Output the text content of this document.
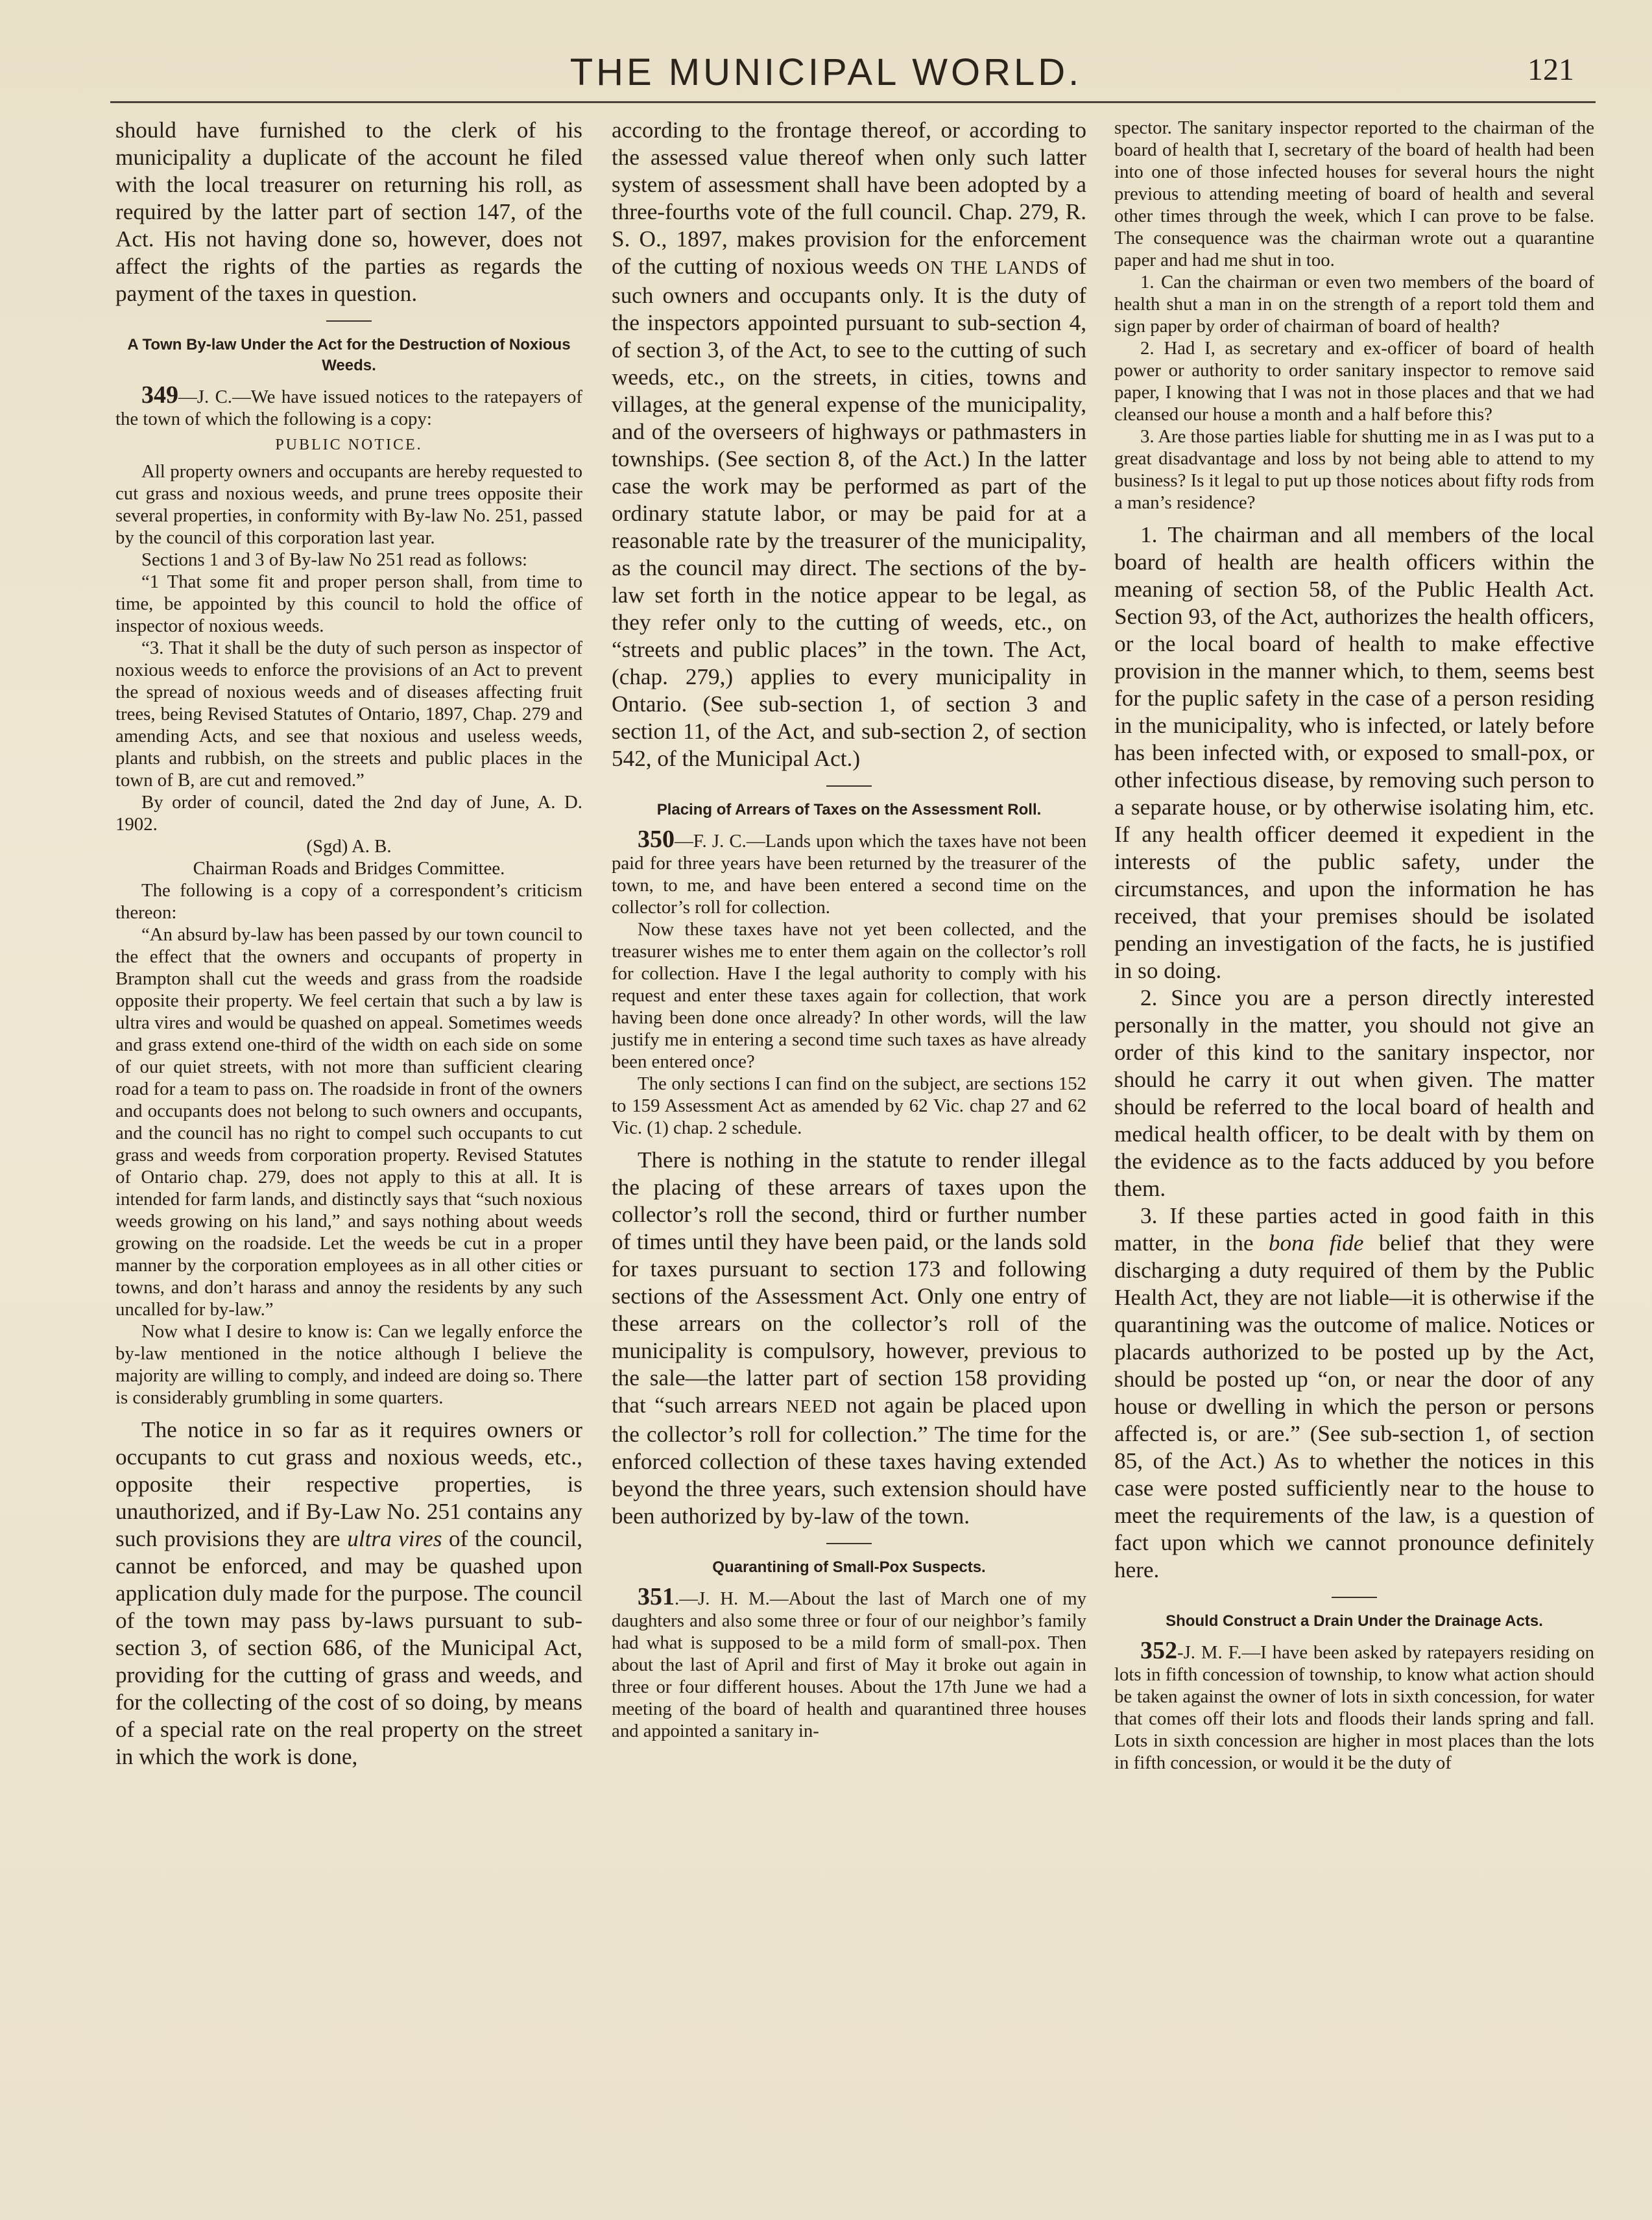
THE MUNICIPAL WORLD.	121

should have furnished to the clerk of his municipality a duplicate of the account he filed with the local treasurer on returning his roll, as required by the latter part of section 147, of the Act. His not having done so, however, does not affect the rights of the parties as regards the payment of the taxes in question.

A Town By-law Under the Act for the Destruction of Noxious Weeds.

349—J. C.—We have issued notices to the ratepayers of the town of which the following is a copy:

PUBLIC NOTICE.

All property owners and occupants are hereby requested to cut grass and noxious weeds, and prune trees opposite their several properties, in conformity with By-law No. 251, passed by the council of this corporation last year.

Sections 1 and 3 of By-law No 251 read as follows:

“1 That some fit and proper person shall, from time to time, be appointed by this council to hold the office of inspector of noxious weeds.

“3. That it shall be the duty of such person as inspector of noxious weeds to enforce the provisions of an Act to prevent the spread of noxious weeds and of diseases affecting fruit trees, being Revised Statutes of Ontario, 1897, Chap. 279 and amending Acts, and see that noxious and useless weeds, plants and rubbish, on the streets and public places in the town of B, are cut and removed.”

By order of council, dated the 2nd day of June, A. D. 1902.

(Sgd) A. B.

Chairman Roads and Bridges Committee.

The following is a copy of a correspondent’s criticism thereon:

“An absurd by-law has been passed by our town council to the effect that the owners and occupants of property in Brampton shall cut the weeds and grass from the roadside opposite their property. We feel certain that such a by law is ultra vires and would be quashed on appeal. Sometimes weeds and grass extend one-third of the width on each side on some of our quiet streets, with not more than sufficient clearing road for a team to pass on. The roadside in front of the owners and occupants does not belong to such owners and occupants, and the council has no right to compel such occupants to cut grass and weeds from corporation property. Revised Statutes of Ontario chap. 279, does not apply to this at all. It is intended for farm lands, and distinctly says that “such noxious weeds growing on his land,” and says nothing about weeds growing on the roadside. Let the weeds be cut in a proper manner by the corporation employees as in all other cities or towns, and don’t harass and annoy the residents by any such uncalled for by-law.”

Now what I desire to know is: Can we legally enforce the by-law mentioned in the notice although I believe the majority are willing to comply, and indeed are doing so. There is considerably grumbling in some quarters.

The notice in so far as it requires owners or occupants to cut grass and noxious weeds, etc., opposite their respective properties, is unauthorized, and if By-Law No. 251 contains any such provisions they are ultra vires of the council, cannot be enforced, and may be quashed upon application duly made for the purpose. The council of the town may pass by-laws pursuant to sub-section 3, of section 686, of the Municipal Act, providing for the cutting of grass and weeds, and for the collecting of the cost of so doing, by means of a special rate on the real property on the street in which the work is done,

according to the frontage thereof, or according to the assessed value thereof when only such latter system of assessment shall have been adopted by a three-fourths vote of the full council. Chap. 279, R. S. O., 1897, makes provision for the enforcement of the cutting of noxious weeds ON THE LANDS of such owners and occupants only. It is the duty of the inspectors appointed pursuant to sub-section 4, of section 3, of the Act, to see to the cutting of such weeds, etc., on the streets, in cities, towns and villages, at the general expense of the municipality, and of the overseers of highways or pathmasters in townships. (See section 8, of the Act.) In the latter case the work may be performed as part of the ordinary statute labor, or may be paid for at a reasonable rate by the treasurer of the municipality, as the council may direct. The sections of the by-law set forth in the notice appear to be legal, as they refer only to the cutting of weeds, etc., on “streets and public places” in the town. The Act, (chap. 279,) applies to every municipality in Ontario. (See sub-section 1, of section 3 and section 11, of the Act, and sub-section 2, of section 542, of the Municipal Act.)

Placing of Arrears of Taxes on the Assessment Roll.

350—F. J. C.—Lands upon which the taxes have not been paid for three years have been returned by the treasurer of the town, to me, and have been entered a second time on the collector’s roll for collection.

Now these taxes have not yet been collected, and the treasurer wishes me to enter them again on the collector’s roll for collection. Have I the legal authority to comply with his request and enter these taxes again for collection, that work having been done once already? In other words, will the law justify me in entering a second time such taxes as have already been entered once?

The only sections I can find on the subject, are sections 152 to 159 Assessment Act as amended by 62 Vic. chap 27 and 62 Vic. (1) chap. 2 schedule.

There is nothing in the statute to render illegal the placing of these arrears of taxes upon the collector’s roll the second, third or further number of times until they have been paid, or the lands sold for taxes pursuant to section 173 and following sections of the Assessment Act. Only one entry of these arrears on the collector’s roll of the municipality is compulsory, however, previous to the sale—the latter part of section 158 providing that “such arrears NEED not again be placed upon the collector’s roll for collection.” The time for the enforced collection of these taxes having extended beyond the three years, such extension should have been authorized by by-law of the town.

Quarantining of Small-Pox Suspects.

351.—J. H. M.—About the last of March one of my daughters and also some three or four of our neighbor’s family had what is supposed to be a mild form of small-pox. Then about the last of April and first of May it broke out again in three or four different houses. About the 17th June we had a meeting of the board of health and quarantined three houses and appointed a sanitary in-

spector. The sanitary inspector reported to the chairman of the board of health that I, secretary of the board of health had been into one of those infected houses for several hours the night previous to attending meeting of board of health and several other times through the week, which I can prove to be false. The consequence was the chairman wrote out a quarantine paper and had me shut in too.

1. Can the chairman or even two members of the board of health shut a man in on the strength of a report told them and sign paper by order of chairman of board of health?

2. Had I, as secretary and ex-officer of board of health power or authority to order sanitary inspector to remove said paper, I knowing that I was not in those places and that we had cleansed our house a month and a half before this?

3. Are those parties liable for shutting me in as I was put to a great disadvantage and loss by not being able to attend to my business? Is it legal to put up those notices about fifty rods from a man’s residence?

1. The chairman and all members of the local board of health are health officers within the meaning of section 58, of the Public Health Act. Section 93, of the Act, authorizes the health officers, or the local board of health to make effective provision in the manner which, to them, seems best for the puplic safety in the case of a person residing in the municipality, who is infected, or lately before has been infected with, or exposed to small-pox, or other infectious disease, by removing such person to a separate house, or by otherwise isolating him, etc. If any health officer deemed it expedient in the interests of the public safety, under the circumstances, and upon the information he has received, that your premises should be isolated pending an investigation of the facts, he is justified in so doing.

2. Since you are a person directly interested personally in the matter, you should not give an order of this kind to the sanitary inspector, nor should he carry it out when given. The matter should be referred to the local board of health and medical health officer, to be dealt with by them on the evidence as to the facts adduced by you before them.

3. If these parties acted in good faith in this matter, in the bona fide belief that they were discharging a duty required of them by the Public Health Act, they are not liable—it is otherwise if the quarantining was the outcome of malice. Notices or placards authorized to be posted up by the Act, should be posted up “on, or near the door of any house or dwelling in which the person or persons affected is, or are.” (See sub-section 1, of section 85, of the Act.) As to whether the notices in this case were posted sufficiently near to the house to meet the requirements of the law, is a question of fact upon which we cannot pronounce definitely here.

Should Construct a Drain Under the Drainage Acts.

352-J. M. F.—I have been asked by ratepayers residing on lots in fifth concession of township, to know what action should be taken against the owner of lots in sixth concession, for water that comes off their lots and floods their lands spring and fall. Lots in sixth concession are higher in most places than the lots in fifth concession, or would it be the duty of
